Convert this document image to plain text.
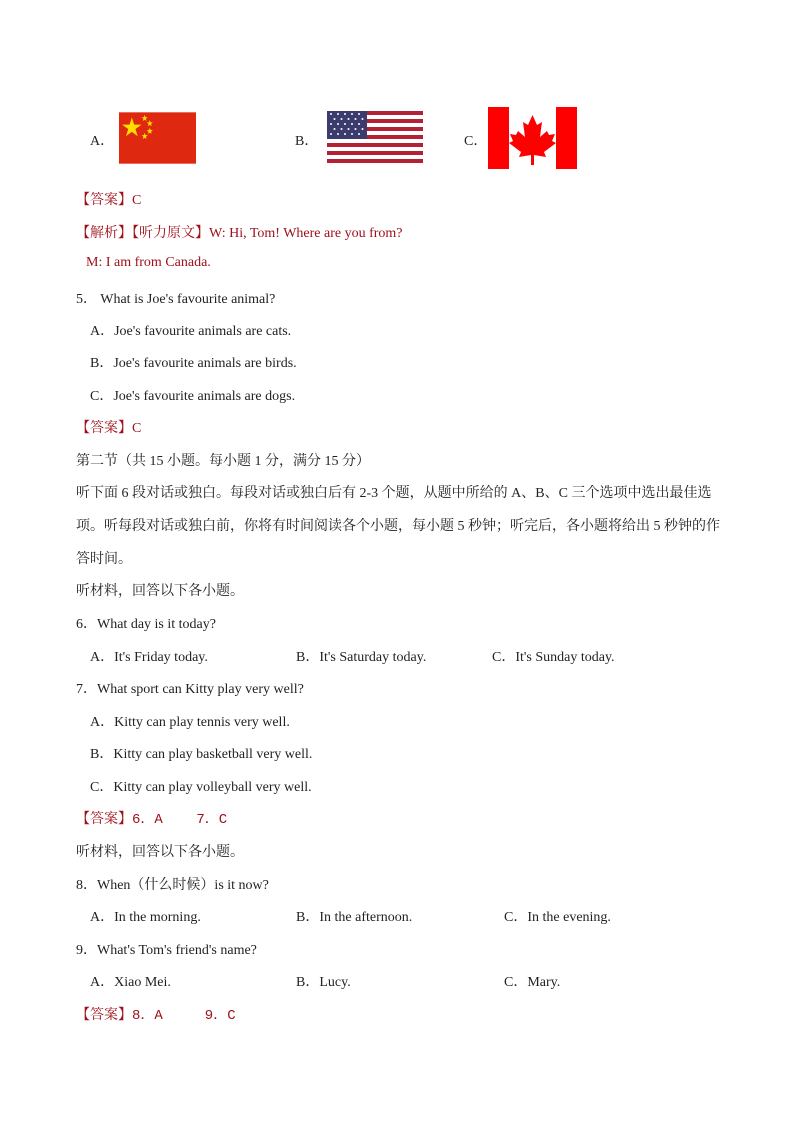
A．	B．	C．
【答案】C
【解析】【听力原文】W: Hi, Tom! Where are you from?
M: I am from Canada.
5． What is Joe's favourite animal?
A．Joe's favourite animals are cats.
B．Joe's favourite animals are birds.
C．Joe's favourite animals are dogs.
【答案】C
第二节（共 15 小题。每小题 1 分，满分 15 分）
听下面 6 段对话或独白。每段对话或独白后有 2-3 个题，从题中所给的 A、B、C 三个选项中选出最佳选
项。听每段对话或独白前，你将有时间阅读各个小题，每小题 5 秒钟；听完后，各小题将给出 5 秒钟的作
答时间。
听材料，回答以下各小题。
6．What day is it today?
A．It's Friday today.	B．It's Saturday today.	C．It's Sunday today.
7．What sport can Kitty play very well?
A．Kitty can play tennis very well.
B．Kitty can play basketball very well.
C．Kitty can play volleyball very well.
【答案】6．A    7．C
听材料，回答以下各小题。
8．When（什么时候）is it now?
A．In the morning.	B．In the afternoon.	C．In the evening.
9．What's Tom's friend's name?
A．Xiao Mei.	B．Lucy.	C．Mary.
【答案】8．A     9．C
